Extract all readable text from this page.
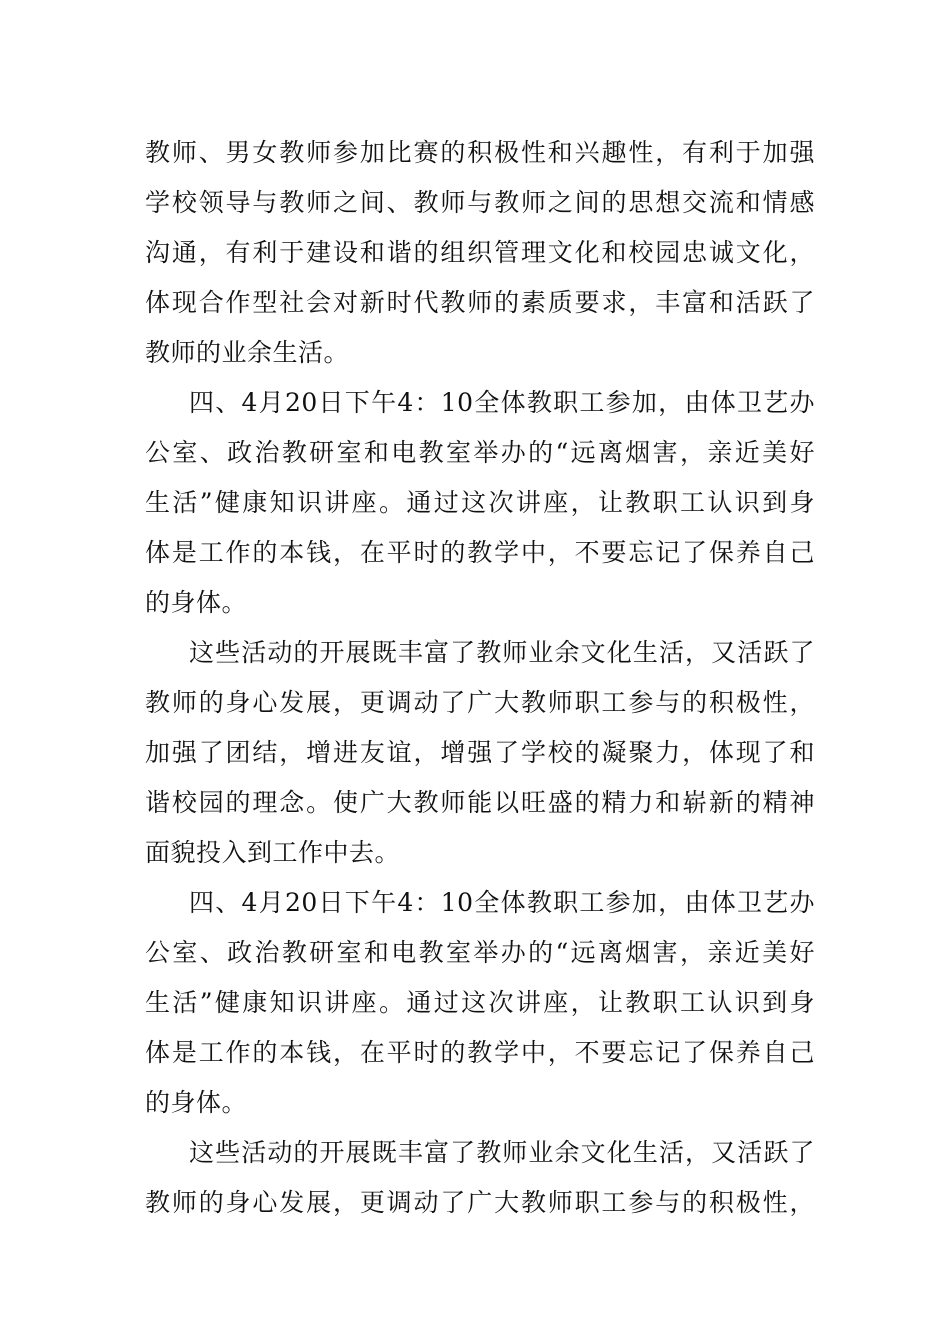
教师、男女教师参加比赛的积极性和兴趣性，有利于加强
学校领导与教师之间、教师与教师之间的思想交流和情感
沟通，有利于建设和谐的组织管理文化和校园忠诚文化，
体现合作型社会对新时代教师的素质要求，丰富和活跃了
教师的业余生活。
四、4月20日下午4：10全体教职工参加，由体卫艺办
公室、政治教研室和电教室举办的“远离烟害，亲近美好
生活”健康知识讲座。通过这次讲座，让教职工认识到身
体是工作的本钱，在平时的教学中，不要忘记了保养自己
的身体。
这些活动的开展既丰富了教师业余文化生活，又活跃了
教师的身心发展，更调动了广大教师职工参与的积极性，
加强了团结，增进友谊，增强了学校的凝聚力，体现了和
谐校园的理念。使广大教师能以旺盛的精力和崭新的精神
面貌投入到工作中去。
四、4月20日下午4：10全体教职工参加，由体卫艺办
公室、政治教研室和电教室举办的“远离烟害，亲近美好
生活”健康知识讲座。通过这次讲座，让教职工认识到身
体是工作的本钱，在平时的教学中，不要忘记了保养自己
的身体。
这些活动的开展既丰富了教师业余文化生活，又活跃了
教师的身心发展，更调动了广大教师职工参与的积极性，
